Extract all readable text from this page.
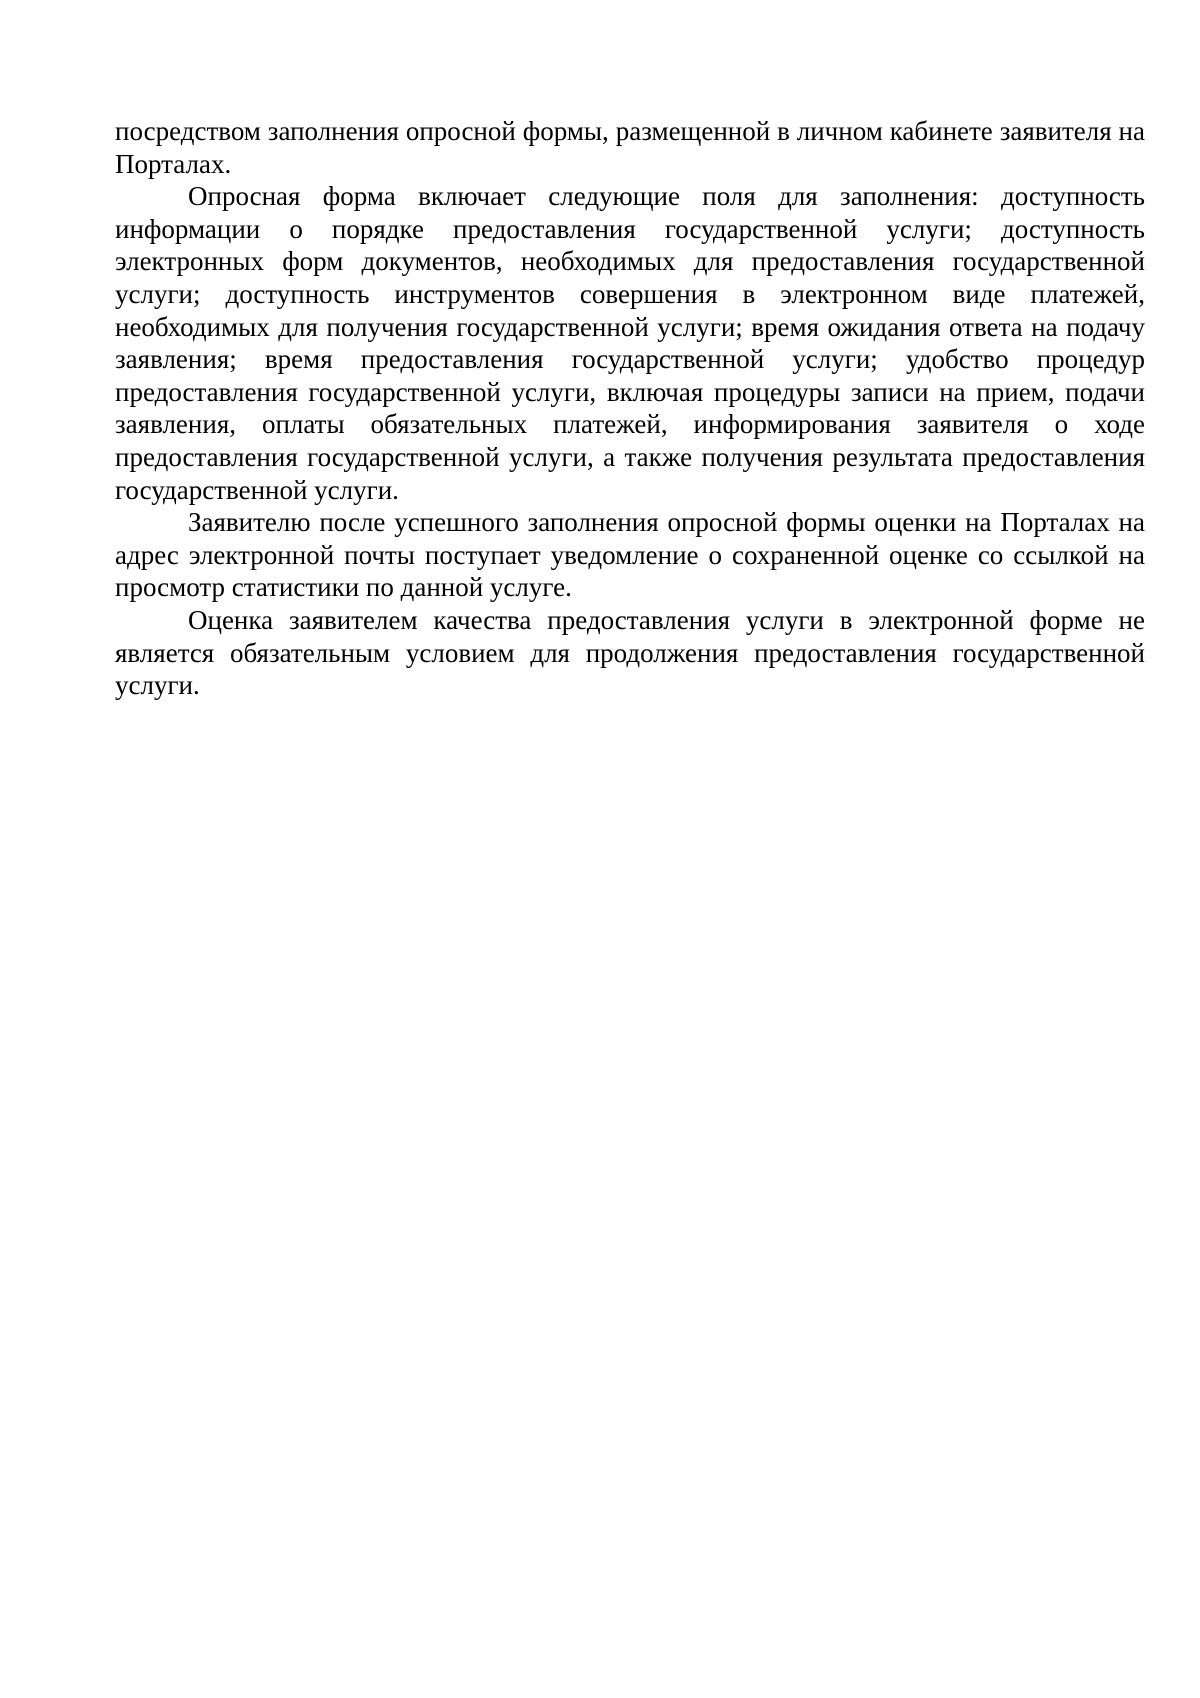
посредством заполнения опросной формы, размещенной в личном кабинете заявителя на Порталах.

Опросная форма включает следующие поля для заполнения: доступность информации о порядке предоставления государственной услуги; доступность электронных форм документов, необходимых для предоставления государственной услуги; доступность инструментов совершения в электронном виде платежей, необходимых для получения государственной услуги; время ожидания ответа на подачу заявления; время предоставления государственной услуги; удобство процедур предоставления государственной услуги, включая процедуры записи на прием, подачи заявления, оплаты обязательных платежей, информирования заявителя о ходе предоставления государственной услуги, а также получения результата предоставления государственной услуги.

Заявителю после успешного заполнения опросной формы оценки на Порталах на адрес электронной почты поступает уведомление о сохраненной оценке со ссылкой на просмотр статистики по данной услуге.

Оценка заявителем качества предоставления услуги в электронной форме не является обязательным условием для продолжения предоставления государственной услуги.
